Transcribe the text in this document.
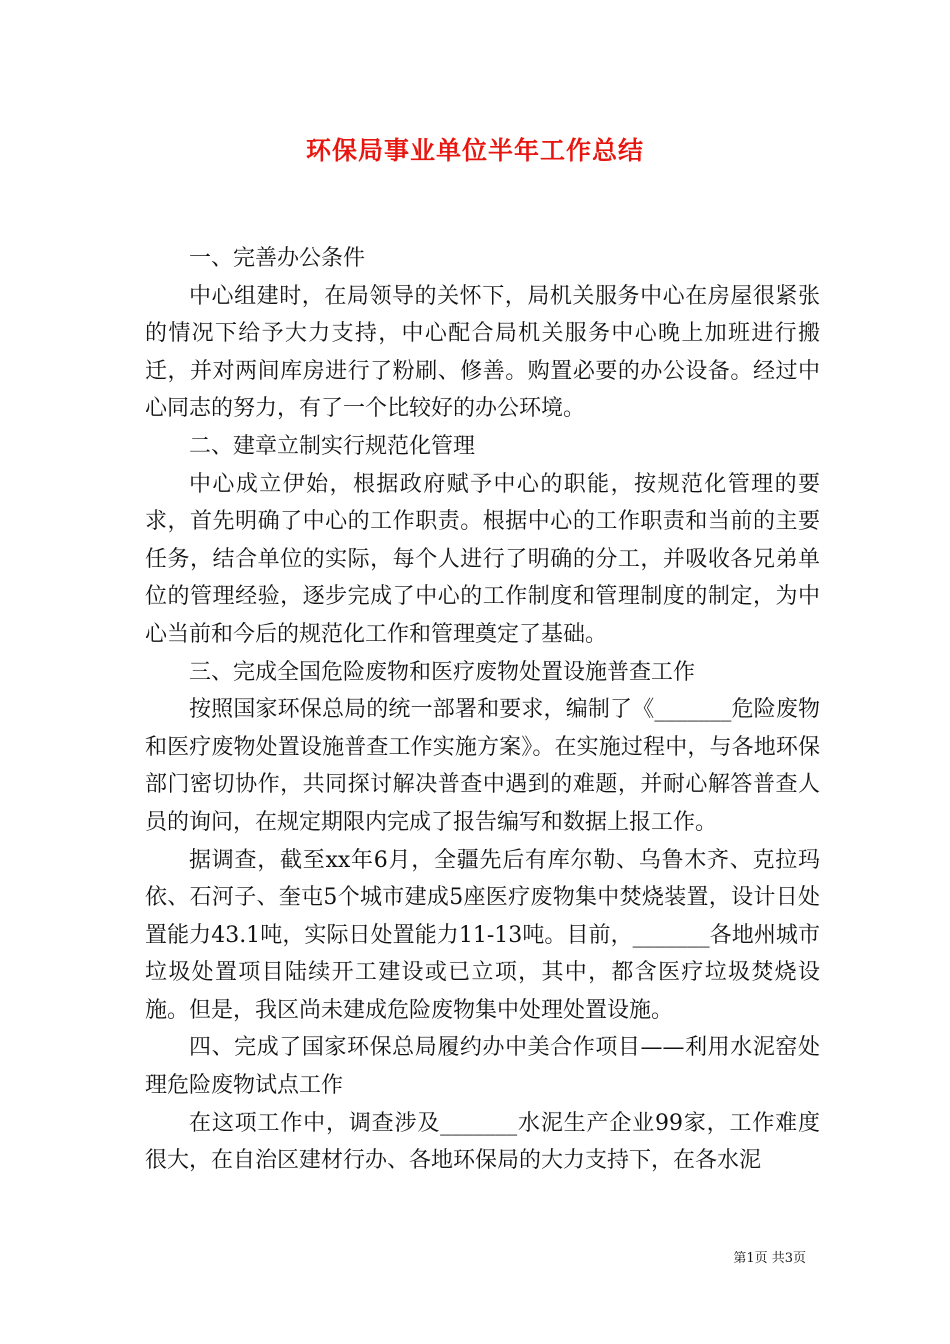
环保局事业单位半年工作总结

一、完善办公条件

中心组建时，在局领导的关怀下，局机关服务中心在房屋很紧张的情况下给予大力支持，中心配合局机关服务中心晚上加班进行搬迁，并对两间库房进行了粉刷、修善。购置必要的办公设备。经过中心同志的努力，有了一个比较好的办公环境。

二、建章立制实行规范化管理

中心成立伊始，根据政府赋予中心的职能，按规范化管理的要求，首先明确了中心的工作职责。根据中心的工作职责和当前的主要任务，结合单位的实际，每个人进行了明确的分工，并吸收各兄弟单位的管理经验，逐步完成了中心的工作制度和管理制度的制定，为中心当前和今后的规范化工作和管理奠定了基础。

三、完成全国危险废物和医疗废物处置设施普查工作

按照国家环保总局的统一部署和要求，编制了《_______危险废物和医疗废物处置设施普查工作实施方案》。在实施过程中，与各地环保部门密切协作，共同探讨解决普查中遇到的难题，并耐心解答普查人员的询问，在规定期限内完成了报告编写和数据上报工作。

据调查，截至xx年6月，全疆先后有库尔勒、乌鲁木齐、克拉玛依、石河子、奎屯5个城市建成5座医疗废物集中焚烧装置，设计日处置能力43.1吨，实际日处置能力11-13吨。目前，_______各地州城市垃圾处置项目陆续开工建设或已立项，其中，都含医疗垃圾焚烧设施。但是，我区尚未建成危险废物集中处理处置设施。

四、完成了国家环保总局履约办中美合作项目——利用水泥窑处理危险废物试点工作

在这项工作中，调查涉及_______水泥生产企业99家，工作难度很大，在自治区建材行办、各地环保局的大力支持下，在各水泥

第1页 共3页
